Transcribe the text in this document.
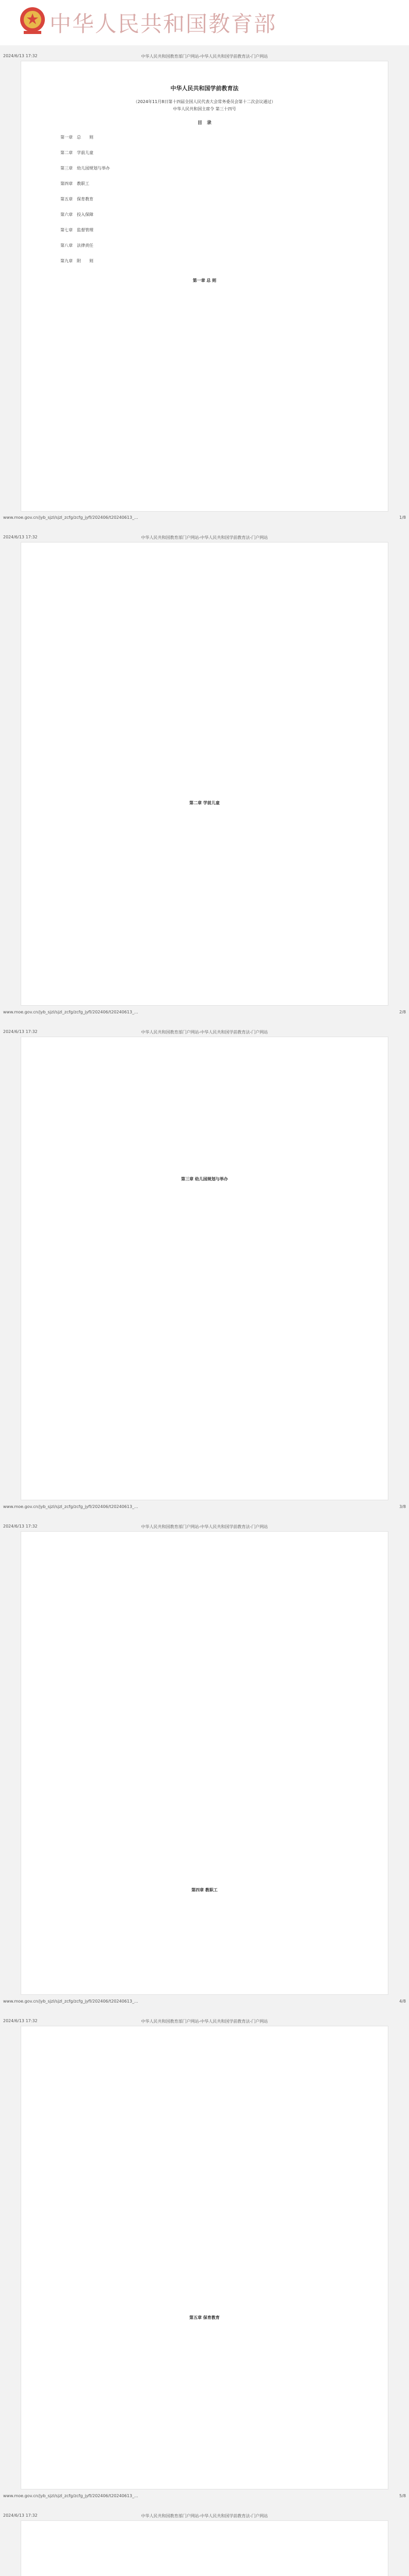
中华人民共和国教育部
2024/6/13 17:32	中华人民共和国教育部门户网站-中华人民共和国学前教育法-门户网站
中华人民共和国学前教育法
（2024年11月8日第十四届全国人民代表大会常务委员会第十二次会议通过）
中华人民共和国主席令 第三十四号
目　录
第一章　总　　则
第二章　学前儿童
第三章　幼儿园规划与举办
第四章　教职工
第五章　保育教育
第六章　投入保障
第七章　监督管理
第八章　法律责任
第九章　附　　则
第一章 总 则
www.moe.gov.cn/jyb_sjzl/sjzl_zcfg/zcfg_jyfl/202406/t20240613_...	1/8
2024/6/13 17:32	中华人民共和国教育部门户网站-中华人民共和国学前教育法-门户网站
第二章 学前儿童
www.moe.gov.cn/jyb_sjzl/sjzl_zcfg/zcfg_jyfl/202406/t20240613_...	2/8
2024/6/13 17:32	中华人民共和国教育部门户网站-中华人民共和国学前教育法-门户网站
第三章 幼儿园规划与举办
www.moe.gov.cn/jyb_sjzl/sjzl_zcfg/zcfg_jyfl/202406/t20240613_...	3/8
2024/6/13 17:32	中华人民共和国教育部门户网站-中华人民共和国学前教育法-门户网站
第四章 教职工
www.moe.gov.cn/jyb_sjzl/sjzl_zcfg/zcfg_jyfl/202406/t20240613_...	4/8
2024/6/13 17:32	中华人民共和国教育部门户网站-中华人民共和国学前教育法-门户网站
第五章 保育教育
www.moe.gov.cn/jyb_sjzl/sjzl_zcfg/zcfg_jyfl/202406/t20240613_...	5/8
2024/6/13 17:32	中华人民共和国教育部门户网站-中华人民共和国学前教育法-门户网站
